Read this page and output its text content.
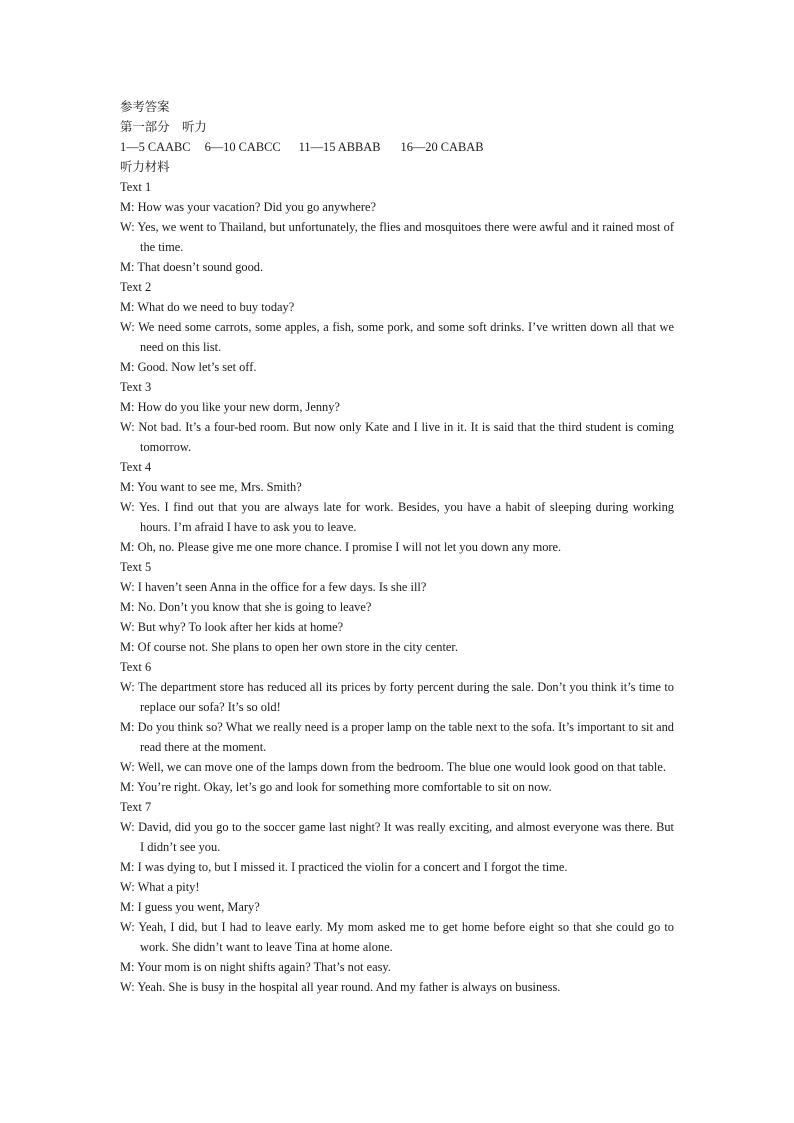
参考答案
第一部分　听力
1—5 CAABC 6—10 CABCC 11—15 ABBAB 16—20 CABAB
听力材料
Text 1
M: How was your vacation? Did you go anywhere?
W: Yes, we went to Thailand, but unfortunately, the flies and mosquitoes there were awful and it rained most of the time.
M: That doesn’t sound good.
Text 2
M: What do we need to buy today?
W: We need some carrots, some apples, a fish, some pork, and some soft drinks. I’ve written down all that we need on this list.
M: Good. Now let’s set off.
Text 3
M: How do you like your new dorm, Jenny?
W: Not bad. It’s a four-bed room. But now only Kate and I live in it. It is said that the third student is coming tomorrow.
Text 4
M: You want to see me, Mrs. Smith?
W: Yes. I find out that you are always late for work. Besides, you have a habit of sleeping during working hours. I’m afraid I have to ask you to leave.
M: Oh, no. Please give me one more chance. I promise I will not let you down any more.
Text 5
W: I haven’t seen Anna in the office for a few days. Is she ill?
M: No. Don’t you know that she is going to leave?
W: But why? To look after her kids at home?
M: Of course not. She plans to open her own store in the city center.
Text 6
W: The department store has reduced all its prices by forty percent during the sale. Don’t you think it’s time to replace our sofa? It’s so old!
M: Do you think so? What we really need is a proper lamp on the table next to the sofa. It’s important to sit and read there at the moment.
W: Well, we can move one of the lamps down from the bedroom. The blue one would look good on that table.
M: You’re right. Okay, let’s go and look for something more comfortable to sit on now.
Text 7
W: David, did you go to the soccer game last night? It was really exciting, and almost everyone was there. But I didn’t see you.
M: I was dying to, but I missed it. I practiced the violin for a concert and I forgot the time.
W: What a pity!
M: I guess you went, Mary?
W: Yeah, I did, but I had to leave early. My mom asked me to get home before eight so that she could go to work. She didn’t want to leave Tina at home alone.
M: Your mom is on night shifts again? That’s not easy.
W: Yeah. She is busy in the hospital all year round. And my father is always on business.
